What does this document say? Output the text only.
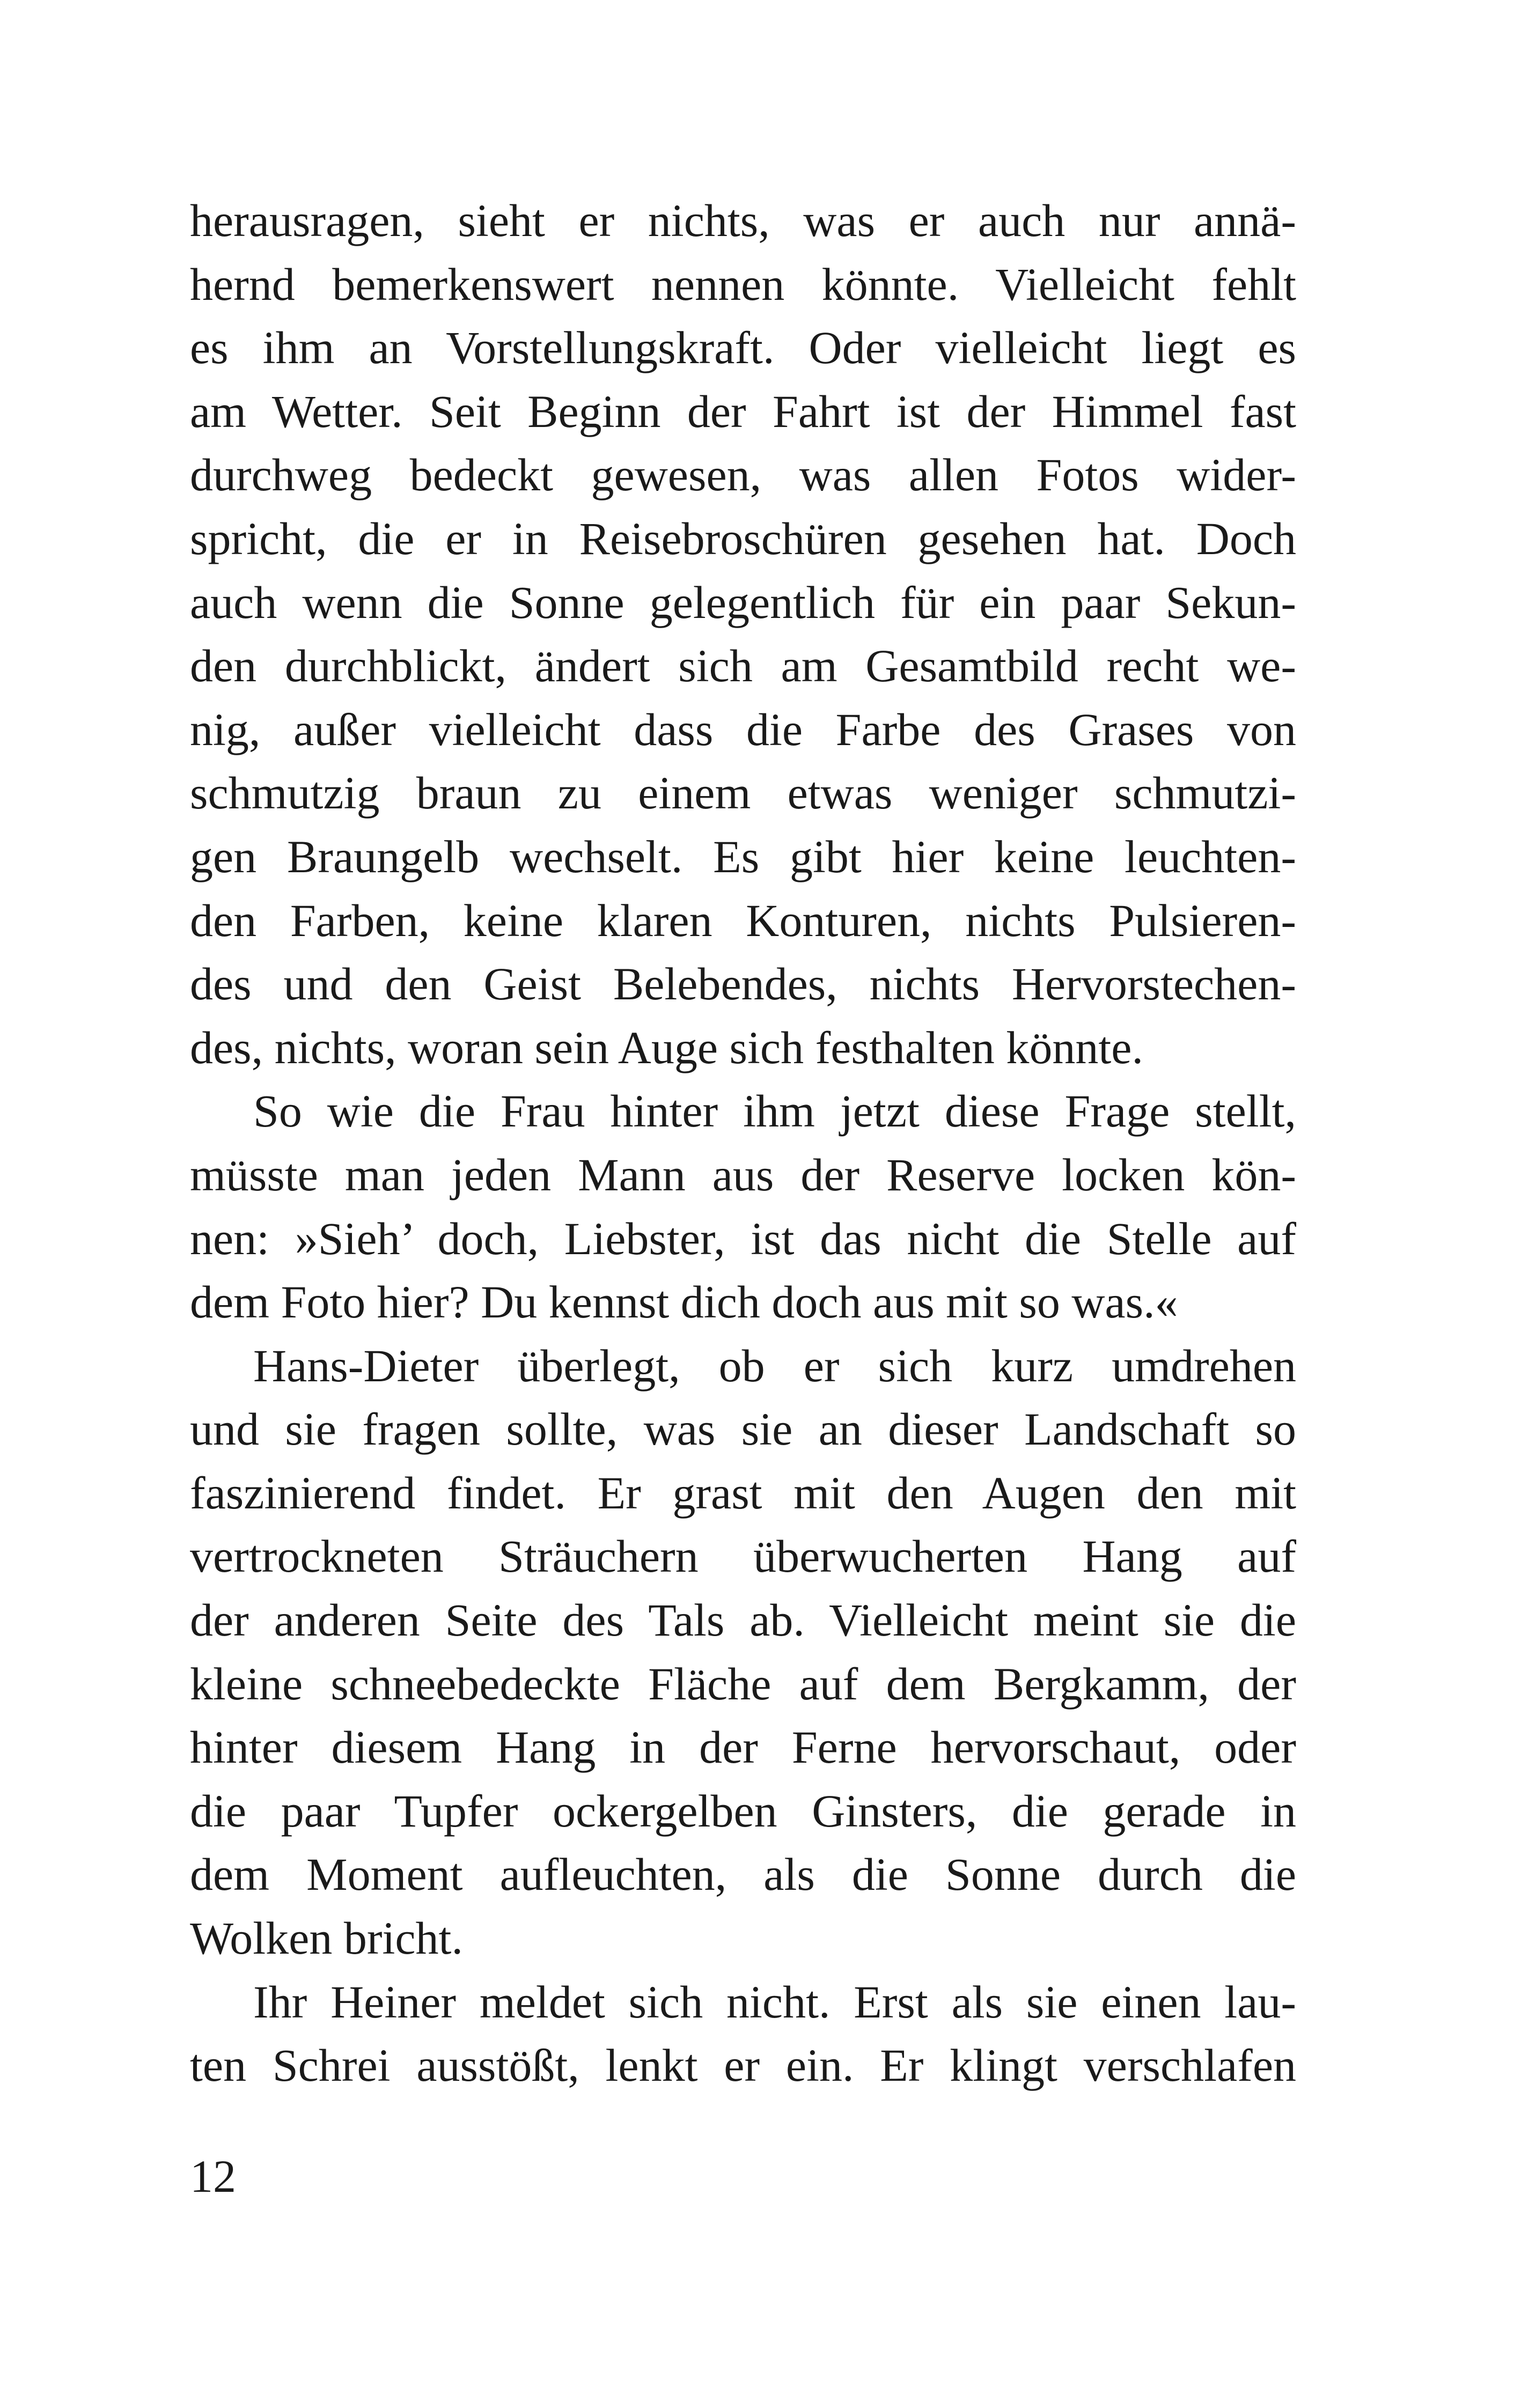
herausragen, sieht er nichts, was er auch nur annä-
hernd bemerkenswert nennen könnte. Vielleicht fehlt
es ihm an Vorstellungskraft. Oder vielleicht liegt es
am Wetter. Seit Beginn der Fahrt ist der Himmel fast
durchweg bedeckt gewesen, was allen Fotos wider-
spricht, die er in Reisebroschüren gesehen hat. Doch
auch wenn die Sonne gelegentlich für ein paar Sekun-
den durchblickt, ändert sich am Gesamtbild recht we-
nig, außer vielleicht dass die Farbe des Grases von
schmutzig braun zu einem etwas weniger schmutzi-
gen Braungelb wechselt. Es gibt hier keine leuchten-
den Farben, keine klaren Konturen, nichts Pulsieren-
des und den Geist Belebendes, nichts Hervorstechen-
des, nichts, woran sein Auge sich festhalten könnte.
So wie die Frau hinter ihm jetzt diese Frage stellt,
müsste man jeden Mann aus der Reserve locken kön-
nen: »Sieh’ doch, Liebster, ist das nicht die Stelle auf
dem Foto hier? Du kennst dich doch aus mit so was.«
Hans-Dieter überlegt, ob er sich kurz umdrehen
und sie fragen sollte, was sie an dieser Landschaft so
faszinierend findet. Er grast mit den Augen den mit
vertrockneten Sträuchern überwucherten Hang auf
der anderen Seite des Tals ab. Vielleicht meint sie die
kleine schneebedeckte Fläche auf dem Bergkamm, der
hinter diesem Hang in der Ferne hervorschaut, oder
die paar Tupfer ockergelben Ginsters, die gerade in
dem Moment aufleuchten, als die Sonne durch die
Wolken bricht.
Ihr Heiner meldet sich nicht. Erst als sie einen lau-
ten Schrei ausstößt, lenkt er ein. Er klingt verschlafen
12
